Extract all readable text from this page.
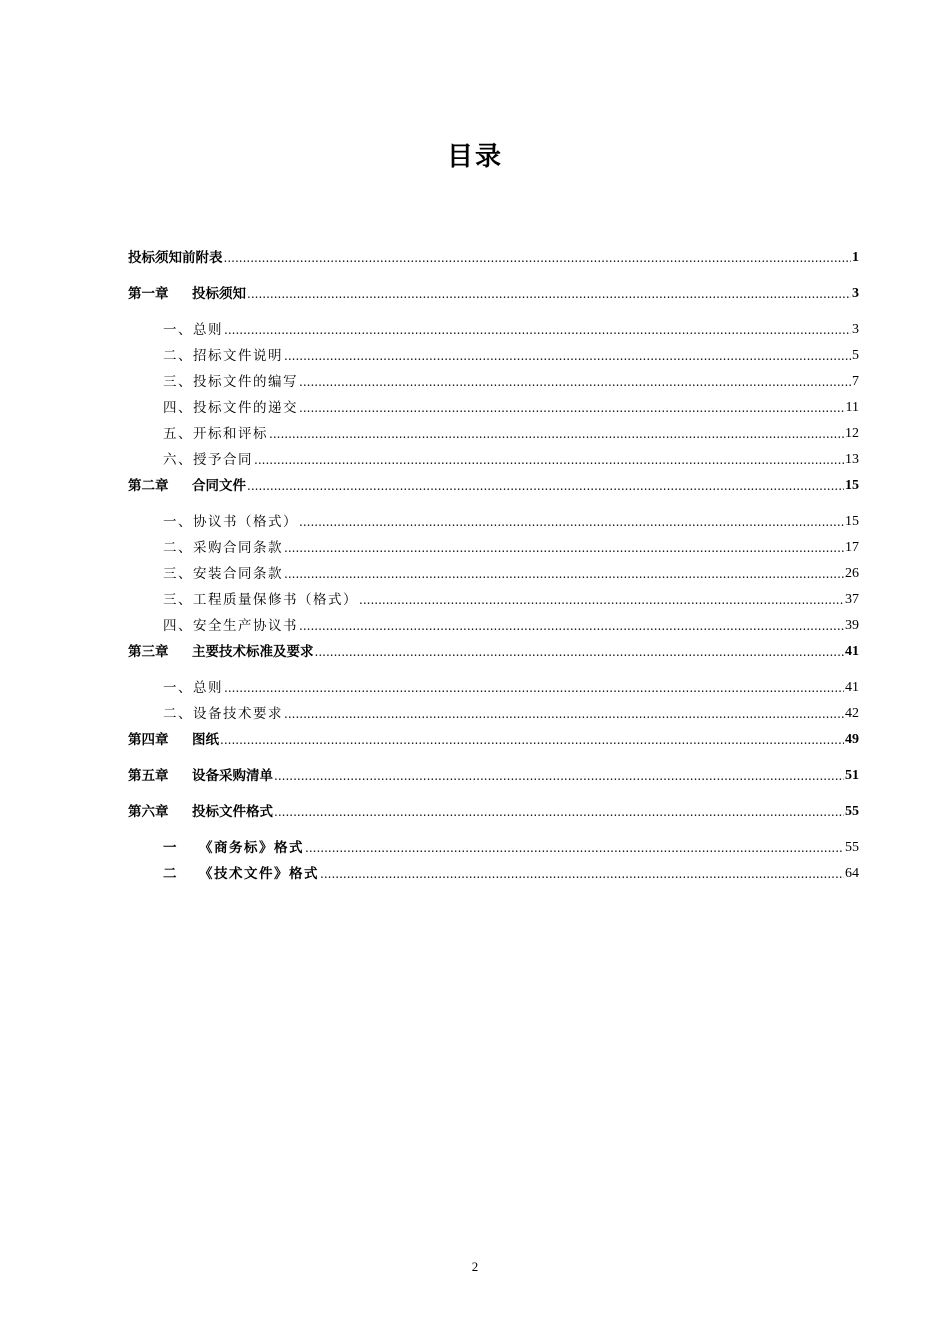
目录
投标须知前附表 .....	1
第一章 投标须知 .....	3
一、总则 .....	3
二、招标文件说明 .....	5
三、投标文件的编写 .....	7
四、投标文件的递交 .....	11
五、开标和评标 .....	12
六、授予合同 .....	13
第二章 合同文件 .....	15
一、协议书（格式） .....	15
二、采购合同条款 .....	17
三、安装合同条款 .....	26
三、工程质量保修书（格式） .....	37
四、安全生产协议书 .....	39
第三章 主要技术标准及要求 .....	41
一、总则 .....	41
二、设备技术要求 .....	42
第四章 图纸 .....	49
第五章 设备采购清单 .....	51
第六章 投标文件格式 .....	55
一 《商务标》格式 .....	55
二 《技术文件》格式 .....	64
2
